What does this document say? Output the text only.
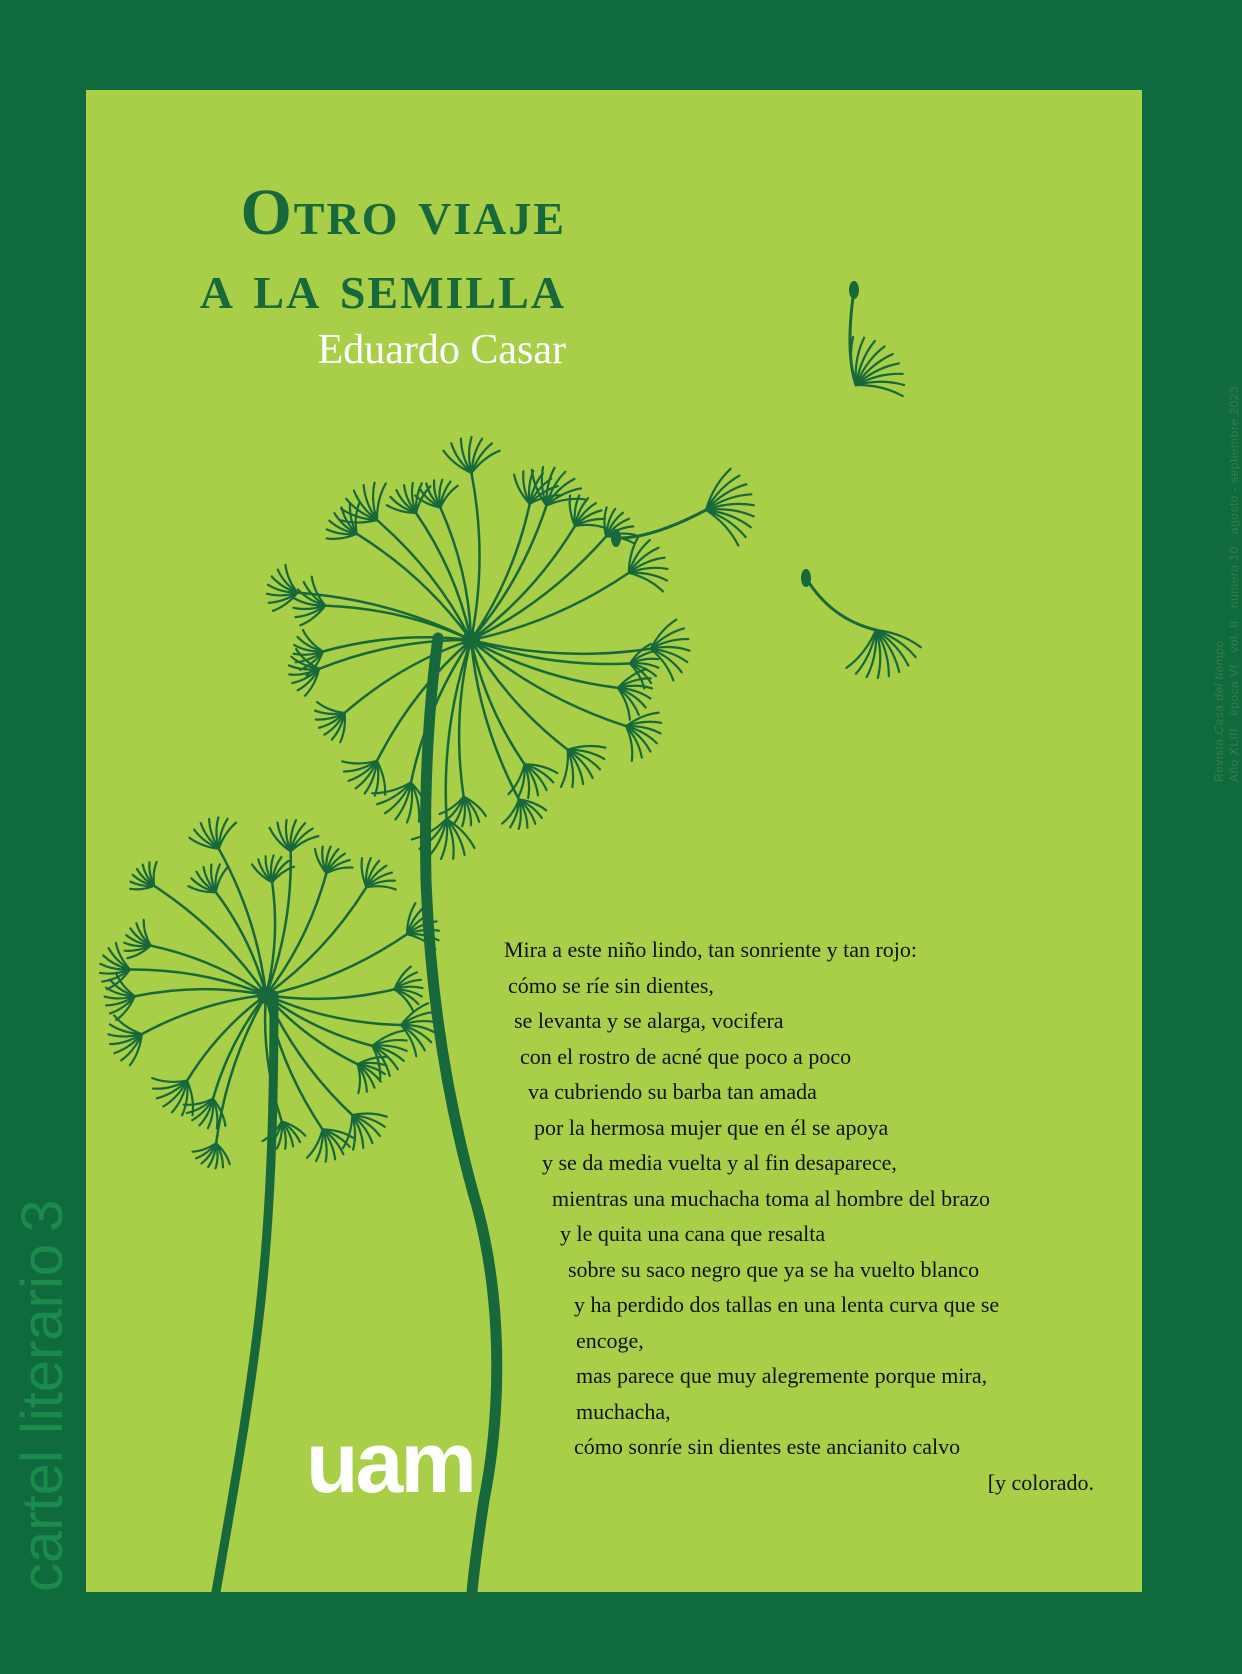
Otro viaje
a la semilla
Eduardo Casar
Mira a este niño lindo, tan sonriente y tan rojo:
cómo se ríe sin dientes,
se levanta y se alarga, vocifera
con el rostro de acné que poco a poco
va cubriendo su barba tan amada
por la hermosa mujer que en él se apoya
y se da media vuelta y al fin desaparece,
mientras una muchacha toma al hombre del brazo
y le quita una cana que resalta
sobre su saco negro que ya se ha vuelto blanco
y ha perdido dos tallas en una lenta curva que se
encoge,
mas parece que muy alegremente porque mira,
muchacha,
cómo sonríe sin dientes este ancianito calvo
[y colorado.
uam
Revista Casa del tiempo Año XLIII · época VI · vol. II · número 10 · agosto - septiembre 2023
cartel literario3
